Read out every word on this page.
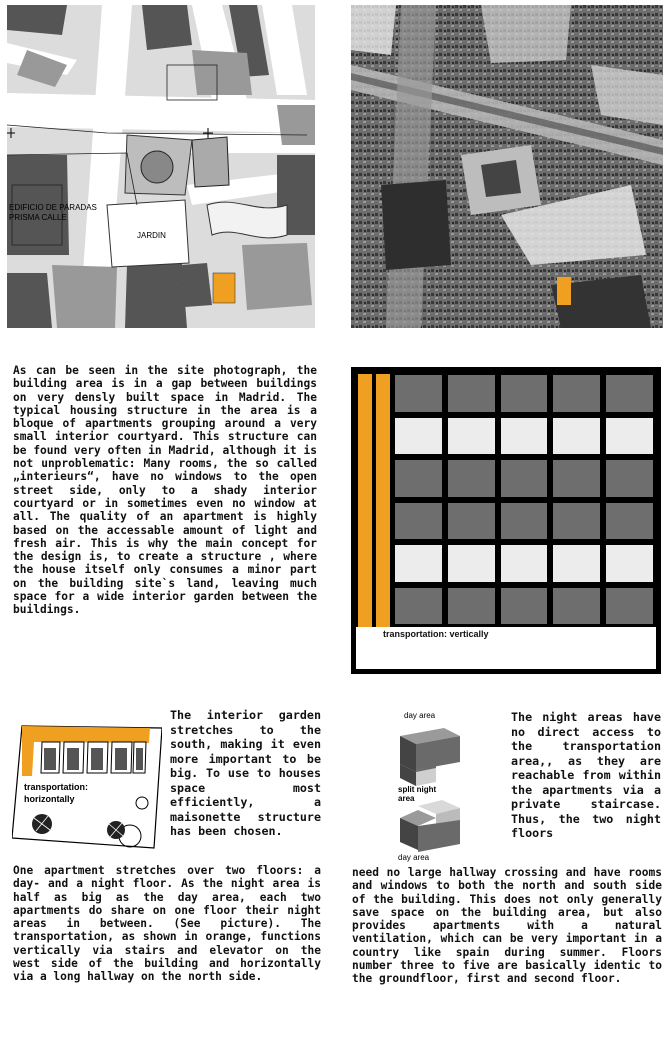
EDIFICIO DE PARADAS
PRISMA CALLE
JARDIN
As can be seen in the site photograph, the building area is in a gap between buildings on very densly built space in Madrid. The typical housing structure in the area is a bloque of apartments grouping around a very small interior courtyard. This structure can be found very often in Madrid, although it is not unproblematic: Many rooms, the so called „interieurs“, have no windows to the open street side, only to a shady interior courtyard or in sometimes even no window at all. The quality of an apartment is highly based on the accessable amount of light and fresh air. This is why the main concept for the design is, to create a structure , where the house itself only consumes a minor part on the building site`s land, leaving much space for a wide interior garden between the buildings.
transportation: vertically
transportation:
horizontally
The interior garden stretches to the south, making it even more important to be big. To use to houses space most efficiently, a maisonette structure has been chosen.
One apartment stretches over two floors: a day- and a night floor. As the night area is half as big as the day area, each two apartments do share on one floor their night areas in between. (See picture). The transportation, as shown in orange, functions vertically via stairs and elevator on the west side of the building and horizontally via a long hallway on the north side.
day area
split night
area
day area
The night areas have no direct access to the transportation area,, as they are reachable from within the apartments via a private staircase. Thus, the two night floors
need no large hallway crossing and have rooms and windows to both the north and south side of the building. This does not only generally save space on the building area, but also provides apartments with a natural ventilation, which can be very important in a country like spain during summer. Floors number three to five are basically identic to the groundfloor, first and second floor.
